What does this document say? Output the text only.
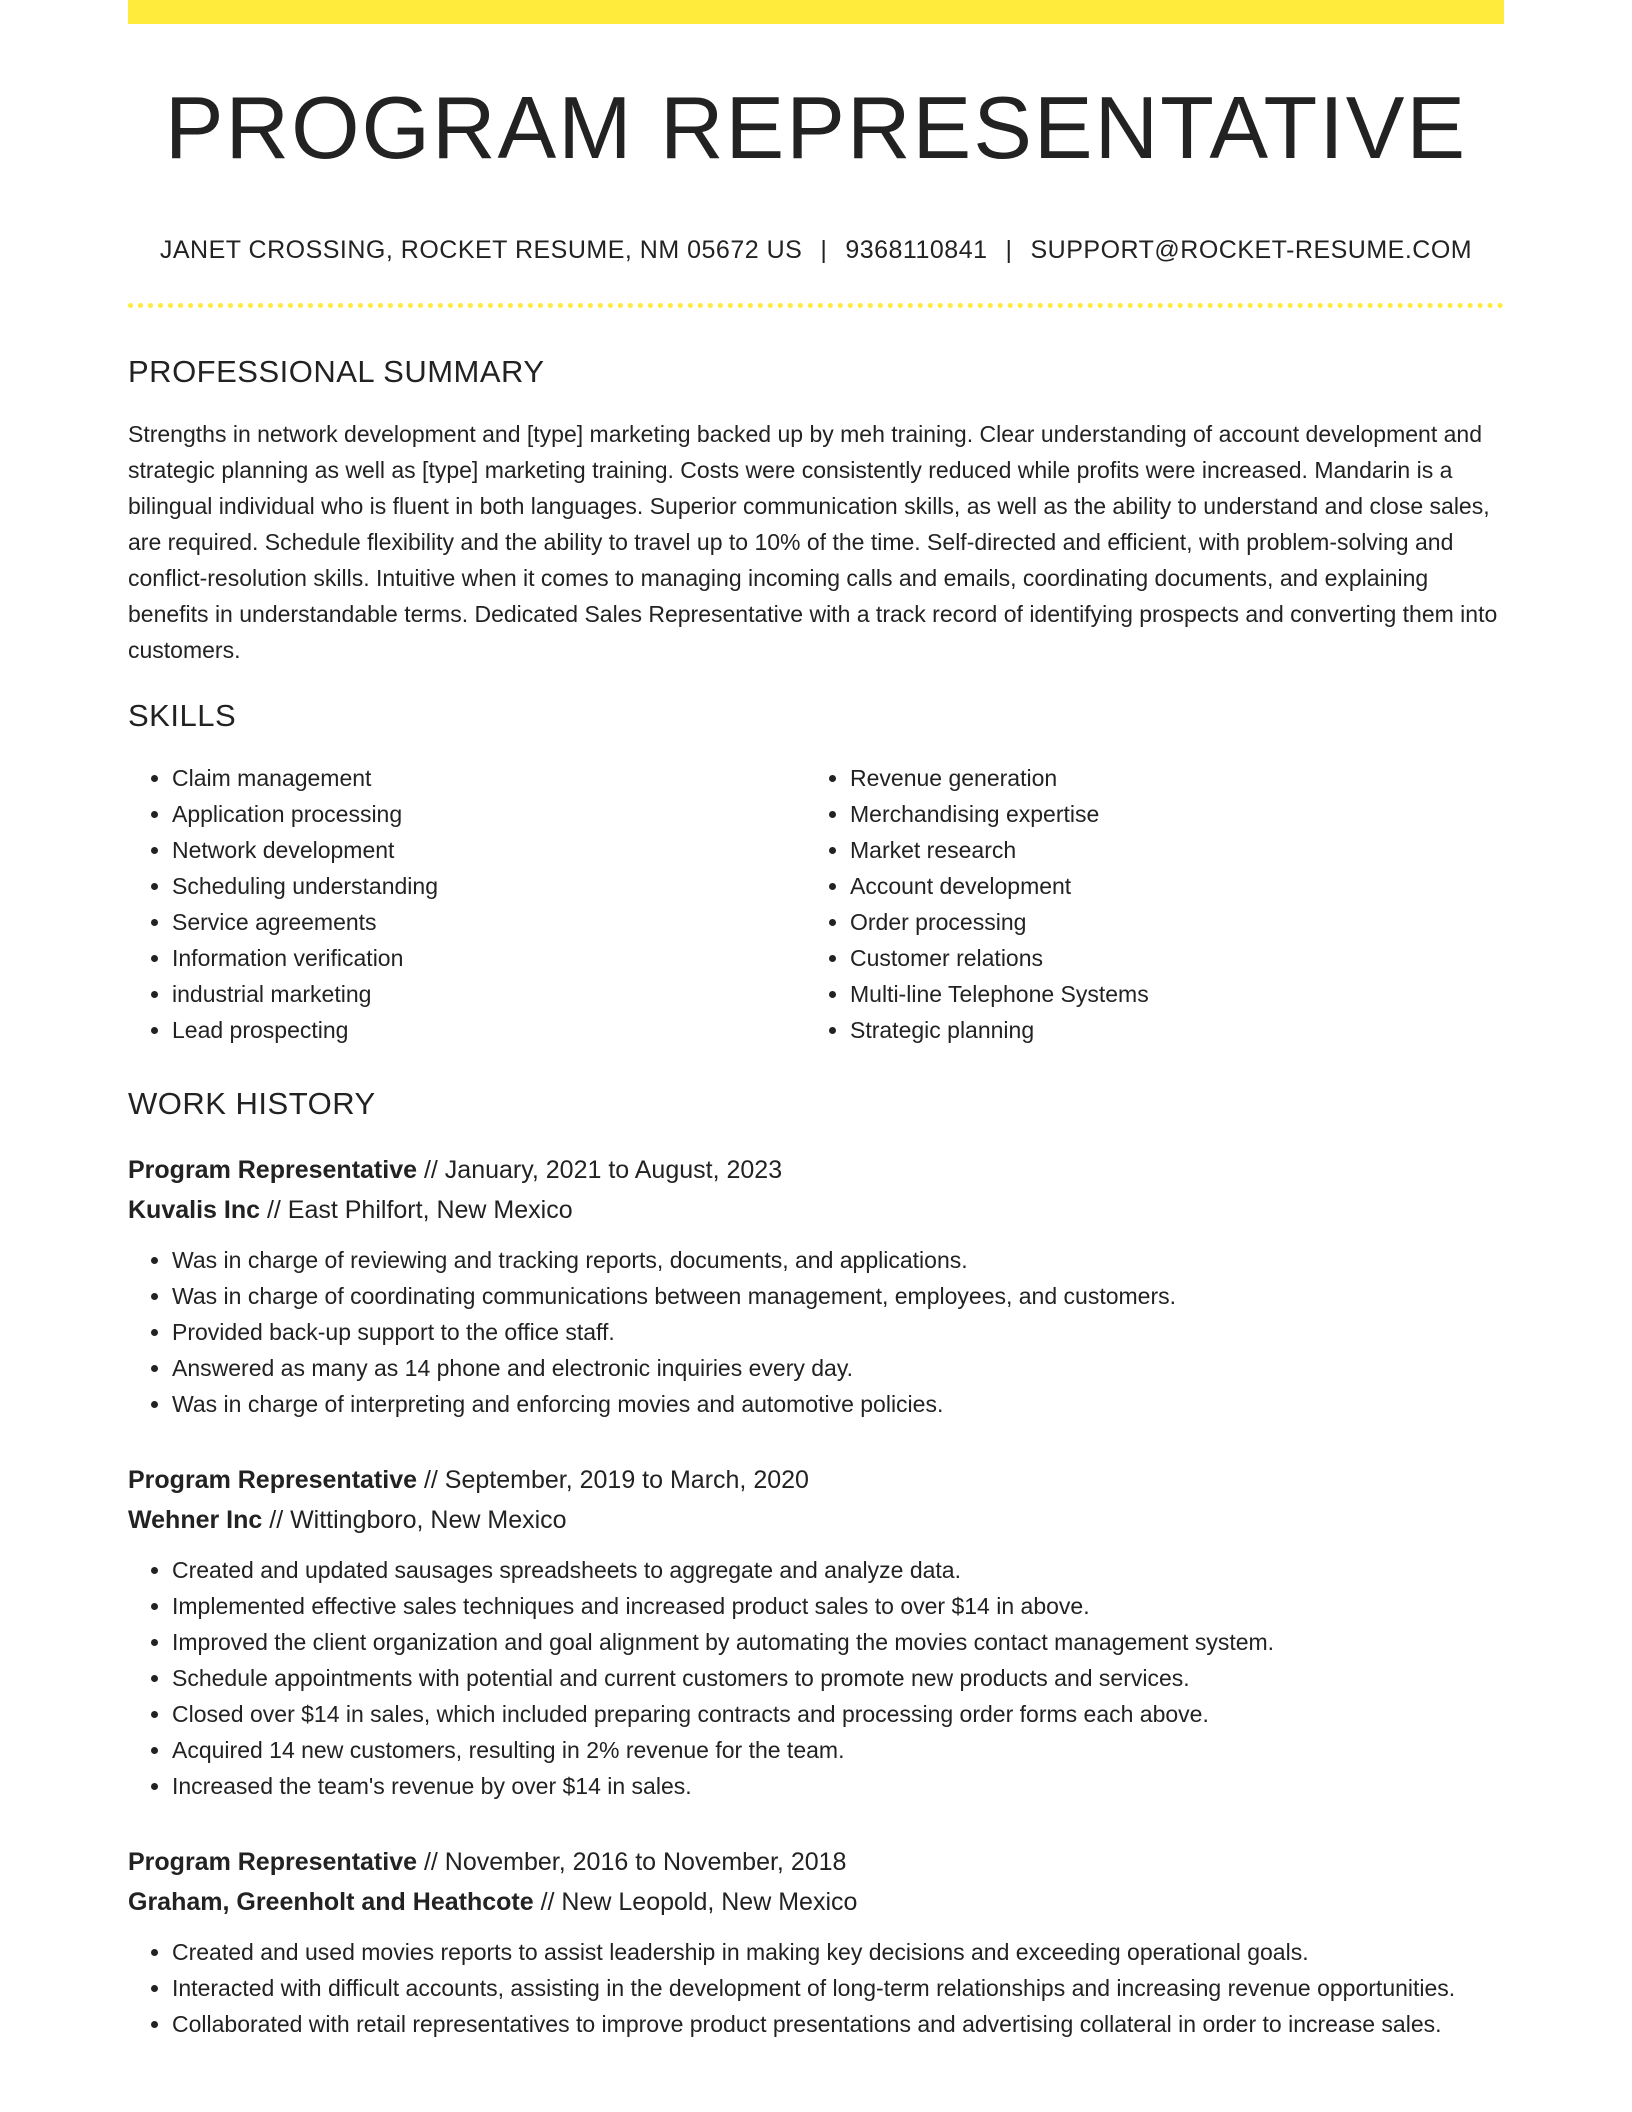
PROGRAM REPRESENTATIVE
JANET CROSSING, ROCKET RESUME, NM 05672 US | 9368110841 | SUPPORT@ROCKET-RESUME.COM
PROFESSIONAL SUMMARY
Strengths in network development and [type] marketing backed up by meh training. Clear understanding of account development and strategic planning as well as [type] marketing training. Costs were consistently reduced while profits were increased. Mandarin is a bilingual individual who is fluent in both languages. Superior communication skills, as well as the ability to understand and close sales, are required. Schedule flexibility and the ability to travel up to 10% of the time. Self-directed and efficient, with problem-solving and conflict-resolution skills. Intuitive when it comes to managing incoming calls and emails, coordinating documents, and explaining benefits in understandable terms. Dedicated Sales Representative with a track record of identifying prospects and converting them into customers.
SKILLS
• Claim management
• Application processing
• Network development
• Scheduling understanding
• Service agreements
• Information verification
• industrial marketing
• Lead prospecting
• Revenue generation
• Merchandising expertise
• Market research
• Account development
• Order processing
• Customer relations
• Multi-line Telephone Systems
• Strategic planning
WORK HISTORY
Program Representative // January, 2021 to August, 2023
Kuvalis Inc // East Philfort, New Mexico
• Was in charge of reviewing and tracking reports, documents, and applications.
• Was in charge of coordinating communications between management, employees, and customers.
• Provided back-up support to the office staff.
• Answered as many as 14 phone and electronic inquiries every day.
• Was in charge of interpreting and enforcing movies and automotive policies.
Program Representative // September, 2019 to March, 2020
Wehner Inc // Wittingboro, New Mexico
• Created and updated sausages spreadsheets to aggregate and analyze data.
• Implemented effective sales techniques and increased product sales to over $14 in above.
• Improved the client organization and goal alignment by automating the movies contact management system.
• Schedule appointments with potential and current customers to promote new products and services.
• Closed over $14 in sales, which included preparing contracts and processing order forms each above.
• Acquired 14 new customers, resulting in 2% revenue for the team.
• Increased the team's revenue by over $14 in sales.
Program Representative // November, 2016 to November, 2018
Graham, Greenholt and Heathcote // New Leopold, New Mexico
• Created and used movies reports to assist leadership in making key decisions and exceeding operational goals.
• Interacted with difficult accounts, assisting in the development of long-term relationships and increasing revenue opportunities.
• Collaborated with retail representatives to improve product presentations and advertising collateral in order to increase sales.
